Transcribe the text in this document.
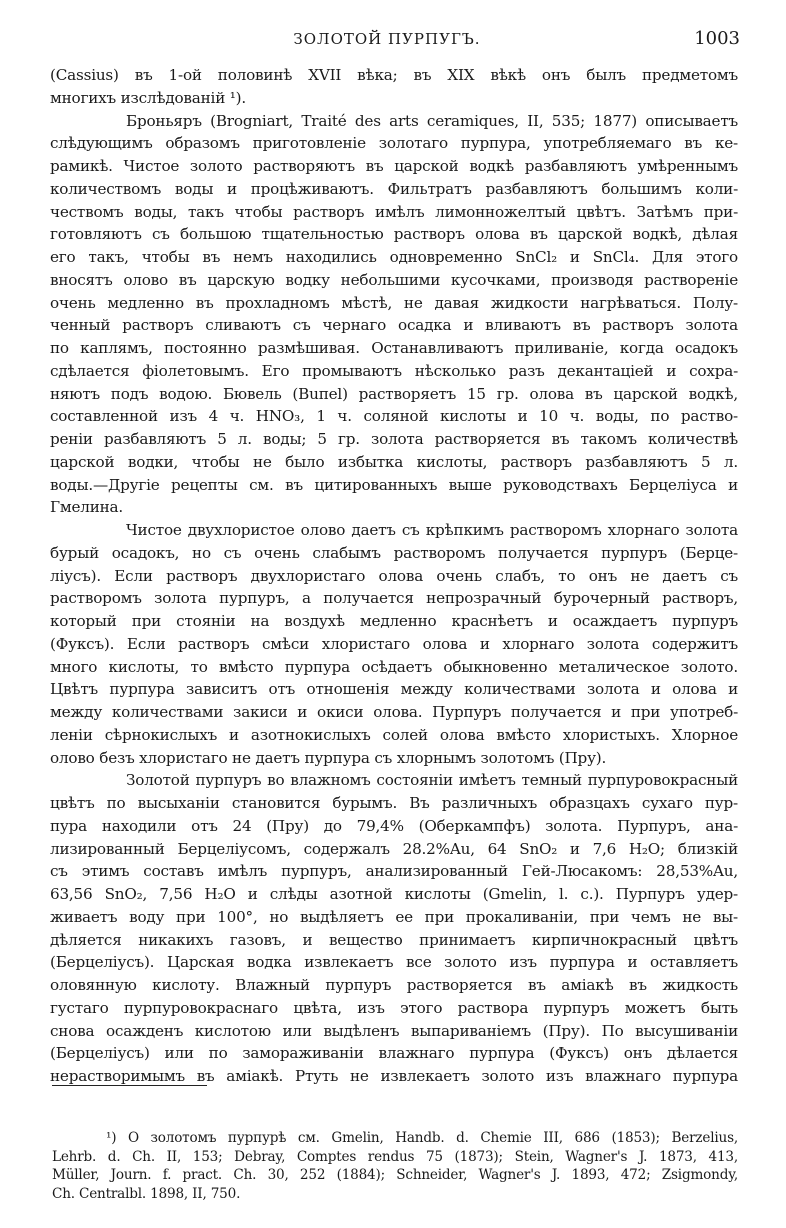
ЗОЛОТОЙ ПУРПУГЪ.	1003
(Cassius) въ 1-ой половинѣ XVII вѣка; въ XIX вѣкѣ онъ былъ предметомъ
многихъ изслѣдованій ¹).
Броньяръ (Brogniart, Traité des arts ceramiques, II, 535; 1877) описываетъ
слѣдующимъ образомъ приготовленіе золотаго пурпура, употребляемаго въ ке-
рамикѣ. Чистое золото растворяютъ въ царской водкѣ разбавляютъ умѣреннымъ
количествомъ воды и процѣживаютъ. Фильтратъ разбавляютъ большимъ коли-
чествомъ воды, такъ чтобы растворъ имѣлъ лимонножелтый цвѣтъ. Затѣмъ при-
готовляютъ съ большою тщательностью растворъ олова въ царской водкѣ, дѣлая
его такъ, чтобы въ немъ находились одновременно SnCl₂ и SnCl₄. Для этого
вносятъ олово въ царскую водку небольшими кусочками, производя раствореніе
очень медленно въ прохладномъ мѣстѣ, не давая жидкости нагрѣваться. Полу-
ченный растворъ сливаютъ съ чернаго осадка и вливаютъ въ растворъ золота
по каплямъ, постоянно размѣшивая. Останавливаютъ приливаніе, когда осадокъ
сдѣлается фіолетовымъ. Его промываютъ нѣсколько разъ декантаціей и сохра-
няютъ подъ водою. Бювель (Buпel) растворяетъ 15 гр. олова въ царской водкѣ,
составленной изъ 4 ч. HNO₃, 1 ч. соляной кислоты и 10 ч. воды, по раство-
реніи разбавляютъ 5 л. воды; 5 гр. золота растворяется въ такомъ количествѣ
царской водки, чтобы не было избытка кислоты, растворъ разбавляютъ 5 л.
воды.—Другіе рецепты см. въ цитированныхъ выше руководствахъ Берцеліуса и
Гмелина.
Чистое двухлористое олово даетъ съ крѣпкимъ растворомъ хлорнаго золота
бурый осадокъ, но съ очень слабымъ растворомъ получается пурпуръ (Берце-
ліусъ). Если растворъ двухлористаго олова очень слабъ, то онъ не даетъ съ
растворомъ золота пурпуръ, а получается непрозрачный бурочерный растворъ,
который при стояніи на воздухѣ медленно краснѣетъ и осаждаетъ пурпуръ
(Фуксъ). Если растворъ смѣси хлористаго олова и хлорнаго золота содержитъ
много кислоты, то вмѣсто пурпура осѣдаетъ обыкновенно металическое золото.
Цвѣтъ пурпура зависитъ отъ отношенія между количествами золота и олова и
между количествами закиси и окиси олова. Пурпуръ получается и при употреб-
леніи сѣрнокислыхъ и азотнокислыхъ солей олова вмѣсто хлористыхъ. Хлорное
олово безъ хлористаго не даетъ пурпура съ хлорнымъ золотомъ (Пру).
Золотой пурпуръ во влажномъ состояніи имѣетъ темный пурпуровокрасный
цвѣтъ по высыханіи становится бурымъ. Въ различныхъ образцахъ сухаго пур-
пура находили отъ 24 (Пру) до 79,4% (Оберкампфъ) золота. Пурпуръ, ана-
лизированный Берцеліусомъ, содержалъ 28.2%Au, 64 SnO₂ и 7,6 H₂O; близкій
съ этимъ составъ имѣлъ пурпуръ, анализированный Гей-Люсакомъ: 28,53%Au,
63,56 SnO₂, 7,56 H₂O и слѣды азотной кислоты (Gmelin, l. c.). Пурпуръ удер-
живаетъ воду при 100°, но выдѣляетъ ее при прокаливаніи, при чемъ не вы-
дѣляется никакихъ газовъ, и вещество принимаетъ кирпичнокрасный цвѣтъ
(Берцеліусъ). Царская водка извлекаетъ все золото изъ пурпура и оставляетъ
оловянную кислоту. Влажный пурпуръ растворяется въ аміакѣ въ жидкость
густаго пурпуровокраснаго цвѣта, изъ этого раствора пурпуръ можетъ быть
снова осажденъ кислотою или выдѣленъ выпариваніемъ (Пру). По высушиваніи
(Берцеліусъ) или по замораживаніи влажнаго пурпура (Фуксъ) онъ дѣлается
нерастворимымъ въ аміакѣ. Ртуть не извлекаетъ золото изъ влажнаго пурпура
¹) О золотомъ пурпурѣ см. Gmelin, Handb. d. Chemie III, 686 (1853); Berzelius,
Lehrb. d. Ch. II, 153; Debray, Comptes rendus 75 (1873); Stein, Wagner's J. 1873, 413,
Müller, Journ. f. pract. Ch. 30, 252 (1884); Schneider, Wagner's J. 1893, 472; Zsigmondy,
Ch. Centralbl. 1898, II, 750.
